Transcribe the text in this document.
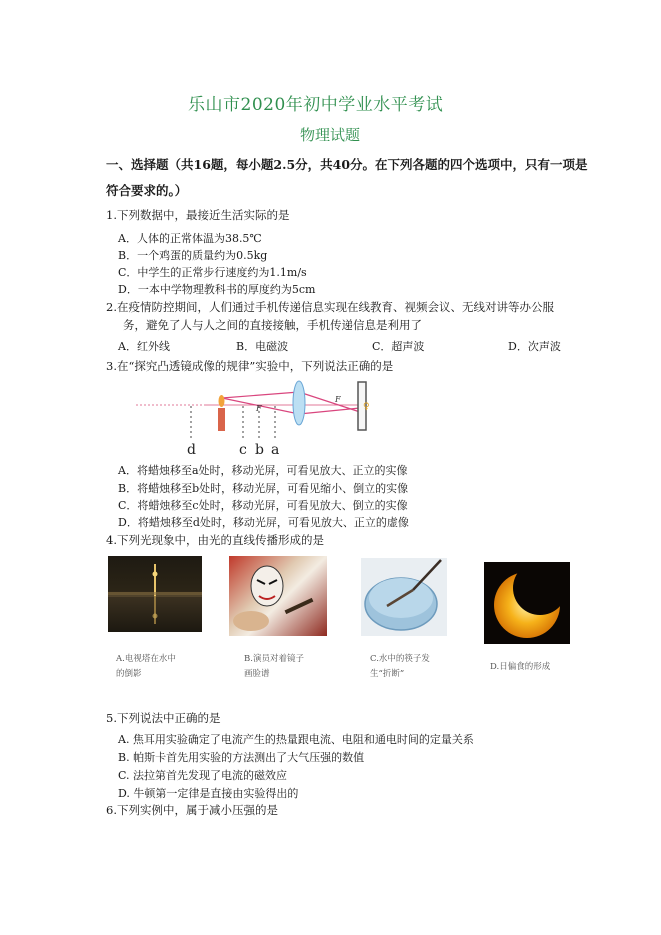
乐山市2020年初中学业水平考试
物理试题
一、选择题（共16题，每小题2.5分，共40分。在下列各题的四个选项中，只有一项是
符合要求的。）
1.下列数据中，最接近生活实际的是
A．人体的正常体温为38.5℃
B．一个鸡蛋的质量约为0.5kg
C．中学生的正常步行速度约为1.1m/s
D．一本中学物理教科书的厚度约为5cm
2.在疫情防控期间，人们通过手机传递信息实现在线教育、视频会议、无线对讲等办公服
务，避免了人与人之间的直接接触，手机传递信息是利用了
A．红外线	B．电磁波	C．超声波	D．次声波
3.在“探究凸透镜成像的规律”实验中，下列说法正确的是
♀
F
F
d	c b a
A．将蜡烛移至a处时，移动光屏，可看见放大、正立的实像
B．将蜡烛移至b处时，移动光屏，可看见缩小、倒立的实像
C．将蜡烛移至c处时，移动光屏，可看见放大、倒立的实像
D．将蜡烛移至d处时，移动光屏，可看见放大、正立的虚像
4.下列光现象中，由光的直线传播形成的是
A.电视塔在水中
的倒影
B.演员对着镜子
画脸谱
C.水中的筷子发
生“折断”
D.日偏食的形成
5.下列说法中正确的是
A. 焦耳用实验确定了电流产生的热量跟电流、电阻和通电时间的定量关系
B. 帕斯卡首先用实验的方法测出了大气压强的数值
C. 法拉第首先发现了电流的磁效应
D. 牛顿第一定律是直接由实验得出的
6.下列实例中，属于减小压强的是
